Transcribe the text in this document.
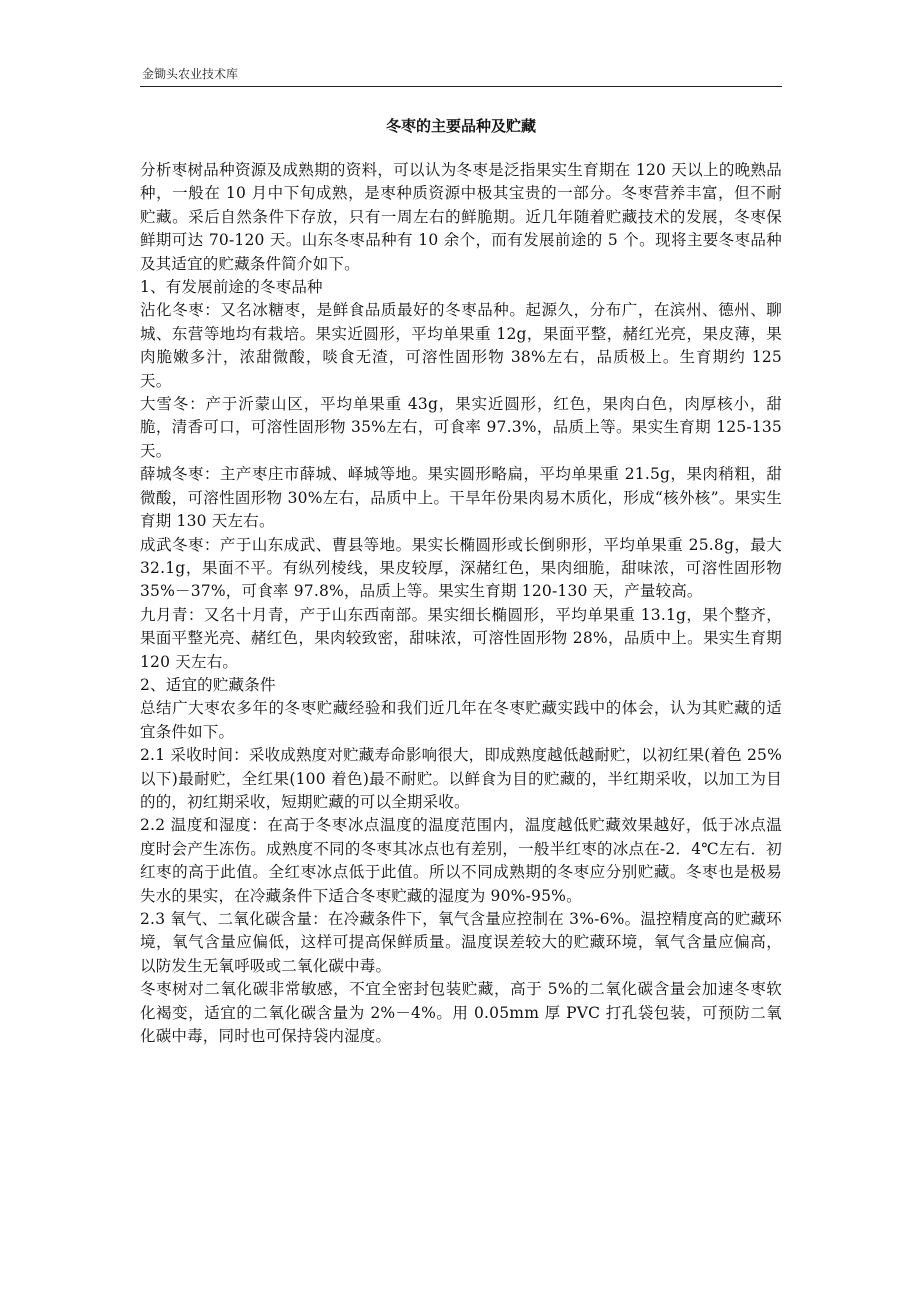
金锄头农业技术库
冬枣的主要品种及贮藏

分析枣树品种资源及成熟期的资料，可以认为冬枣是泛指果实生育期在 120 天以上的晚熟品种，一般在 10 月中下旬成熟，是枣种质资源中极其宝贵的一部分。冬枣营养丰富，但不耐贮藏。采后自然条件下存放，只有一周左右的鲜脆期。近几年随着贮藏技术的发展，冬枣保鲜期可达 70-120 天。山东冬枣品种有 10 余个，而有发展前途的 5 个。现将主要冬枣品种及其适宜的贮藏条件简介如下。

1、有发展前途的冬枣品种

沾化冬枣：又名冰糖枣，是鲜食品质最好的冬枣品种。起源久，分布广，在滨州、德州、聊城、东营等地均有栽培。果实近圆形，平均单果重 12g，果面平整，赭红光亮，果皮薄，果肉脆嫩多汁，浓甜微酸，啖食无渣，可溶性固形物 38%左右，品质极上。生育期约 125 天。

大雪冬：产于沂蒙山区，平均单果重 43g，果实近圆形，红色，果肉白色，肉厚核小，甜脆，清香可口，可溶性固形物 35%左右，可食率 97.3%，品质上等。果实生育期 125-135 天。

薛城冬枣：主产枣庄市薛城、峄城等地。果实圆形略扁，平均单果重 21.5g，果肉稍粗，甜微酸，可溶性固形物 30%左右，品质中上。干旱年份果肉易木质化，形成“核外核”。果实生育期 130 天左右。

成武冬枣：产于山东成武、曹县等地。果实长椭圆形或长倒卵形，平均单果重 25.8g，最大 32.1g，果面不平。有纵列棱线，果皮较厚，深赭红色，果肉细脆，甜味浓，可溶性固形物 35%－37%，可食率 97.8%，品质上等。果实生育期 120-130 天，产量较高。

九月青：又名十月青，产于山东西南部。果实细长椭圆形，平均单果重 13.1g，果个整齐，果面平整光亮、赭红色，果肉较致密，甜味浓，可溶性固形物 28%，品质中上。果实生育期 120 天左右。

2、适宜的贮藏条件

总结广大枣农多年的冬枣贮藏经验和我们近几年在冬枣贮藏实践中的体会，认为其贮藏的适宜条件如下。

2.1 采收时间：采收成熟度对贮藏寿命影响很大，即成熟度越低越耐贮，以初红果(着色 25%以下)最耐贮，全红果(100 着色)最不耐贮。以鲜食为目的贮藏的，半红期采收，以加工为目的的，初红期采收，短期贮藏的可以全期采收。

2.2 温度和湿度：在高于冬枣冰点温度的温度范围内，温度越低贮藏效果越好，低于冰点温度时会产生冻伤。成熟度不同的冬枣其冰点也有差别，一般半红枣的冰点在-2．4℃左右．初红枣的高于此值。全红枣冰点低于此值。所以不同成熟期的冬枣应分别贮藏。冬枣也是极易失水的果实，在冷藏条件下适合冬枣贮藏的湿度为 90%-95%。

2.3 氧气、二氧化碳含量：在冷藏条件下，氧气含量应控制在 3%-6%。温控精度高的贮藏环境，氧气含量应偏低，这样可提高保鲜质量。温度误差较大的贮藏环境，氧气含量应偏高，以防发生无氧呼吸或二氧化碳中毒。

冬枣树对二氧化碳非常敏感，不宜全密封包装贮藏，高于 5%的二氧化碳含量会加速冬枣软化褐变，适宜的二氧化碳含量为 2%－4%。用 0.05mm 厚 PVC 打孔袋包装，可预防二氧化碳中毒，同时也可保持袋内湿度。
